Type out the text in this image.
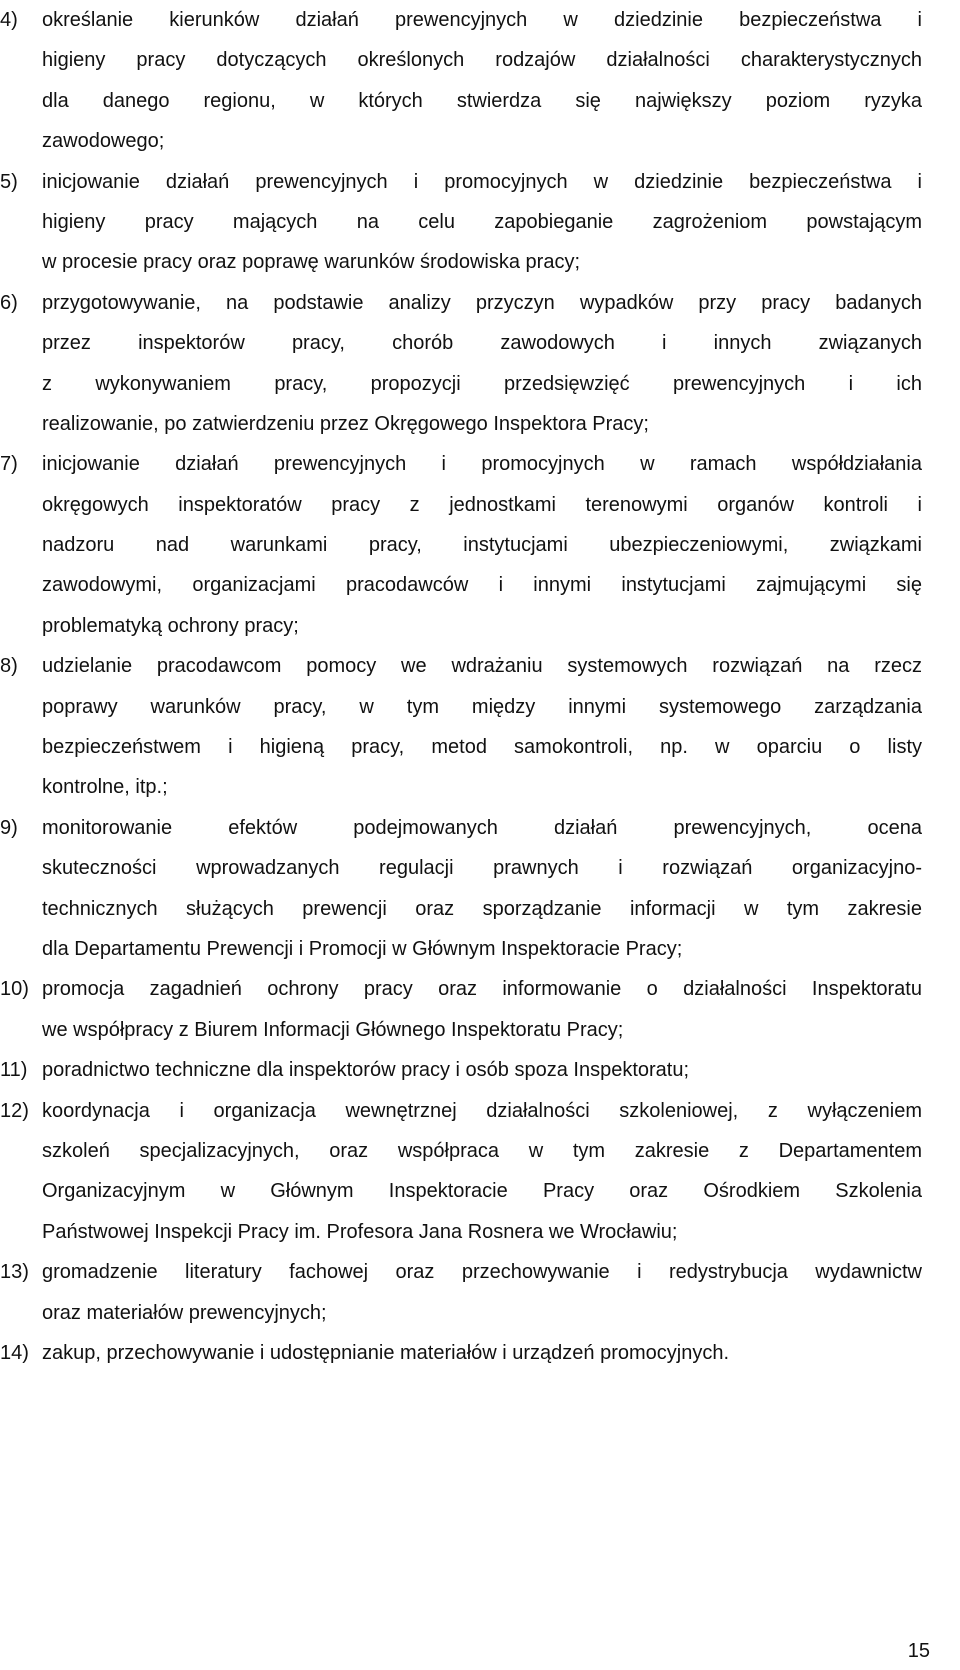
4)	określanie kierunków działań prewencyjnych w dziedzinie bezpieczeństwa i
higieny pracy dotyczących określonych rodzajów działalności charakterystycznych
dla danego regionu, w których stwierdza się największy poziom ryzyka
zawodowego;
5)	inicjowanie działań prewencyjnych i promocyjnych w dziedzinie bezpieczeństwa i
higieny pracy mających na celu zapobieganie zagrożeniom powstającym
w procesie pracy oraz poprawę warunków środowiska pracy;
6)	przygotowywanie, na podstawie analizy przyczyn wypadków przy pracy badanych
przez inspektorów pracy, chorób zawodowych i innych związanych
z wykonywaniem pracy, propozycji przedsięwzięć prewencyjnych i ich
realizowanie, po zatwierdzeniu przez Okręgowego Inspektora Pracy;
7)	inicjowanie działań prewencyjnych i promocyjnych w ramach współdziałania
okręgowych inspektoratów pracy z jednostkami terenowymi organów kontroli i
nadzoru nad warunkami pracy, instytucjami ubezpieczeniowymi, związkami
zawodowymi, organizacjami pracodawców i innymi instytucjami zajmującymi się
problematyką ochrony pracy;
8)	udzielanie pracodawcom pomocy we wdrażaniu systemowych rozwiązań na rzecz
poprawy warunków pracy, w tym między innymi systemowego zarządzania
bezpieczeństwem i higieną pracy, metod samokontroli, np. w oparciu o listy
kontrolne, itp.;
9)	monitorowanie efektów podejmowanych działań prewencyjnych, ocena
skuteczności wprowadzanych regulacji prawnych i rozwiązań organizacyjno-
technicznych służących prewencji oraz sporządzanie informacji w tym zakresie
dla Departamentu Prewencji i Promocji w Głównym Inspektoracie Pracy;
10) promocja zagadnień ochrony pracy oraz informowanie o działalności Inspektoratu
we współpracy z Biurem Informacji Głównego Inspektoratu Pracy;
11) poradnictwo techniczne dla inspektorów pracy i osób spoza Inspektoratu;
12) koordynacja i organizacja wewnętrznej działalności szkoleniowej, z wyłączeniem
szkoleń specjalizacyjnych, oraz współpraca w tym zakresie z Departamentem
Organizacyjnym w Głównym Inspektoracie Pracy oraz Ośrodkiem Szkolenia
Państwowej Inspekcji Pracy im. Profesora Jana Rosnera we Wrocławiu;
13) gromadzenie literatury fachowej oraz przechowywanie i redystrybucja wydawnictw
oraz materiałów prewencyjnych;
14) zakup, przechowywanie i udostępnianie materiałów i urządzeń promocyjnych.
15
